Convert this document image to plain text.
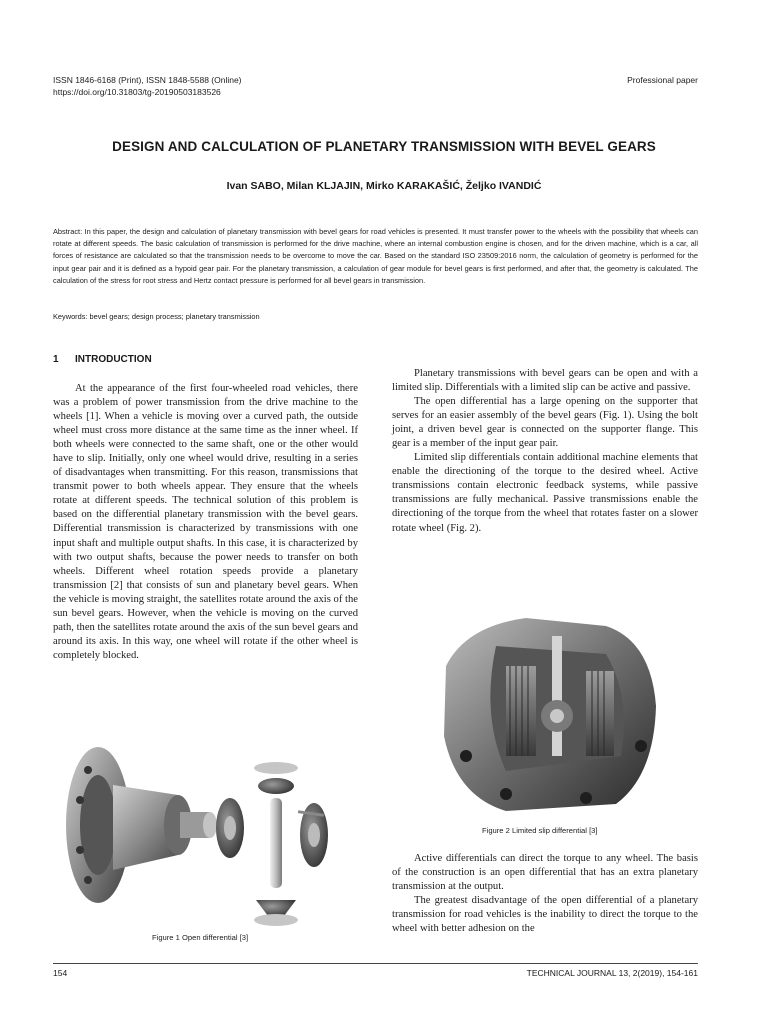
ISSN 1846-6168 (Print), ISSN 1848-5588 (Online)
https://doi.org/10.31803/tg-20190503183526
Professional paper
DESIGN AND CALCULATION OF PLANETARY TRANSMISSION WITH BEVEL GEARS
Ivan SABO, Milan KLJAJIN, Mirko KARAKAŠIĆ, Željko IVANDIĆ
Abstract: In this paper, the design and calculation of planetary transmission with bevel gears for road vehicles is presented. It must transfer power to the wheels with the possibility that wheels can rotate at different speeds. The basic calculation of transmission is performed for the drive machine, where an internal combustion engine is chosen, and for the driven machine, which is a car, all forces of resistance are calculated so that the transmission needs to be overcome to move the car. Based on the standard ISO 23509:2016 norm, the calculation of geometry is performed for the input gear pair and it is defined as a hypoid gear pair. For the planetary transmission, a calculation of gear module for bevel gears is first performed, and after that, the geometry is calculated. The calculation of the stress for root stress and Hertz contact pressure is performed for all bevel gears in transmission.
Keywords: bevel gears; design process; planetary transmission
1 INTRODUCTION

At the appearance of the first four-wheeled road vehicles, there was a problem of power transmission from the drive machine to the wheels [1]. When a vehicle is moving over a curved path, the outside wheel must cross more distance at the same time as the inner wheel. If both wheels were connected to the same shaft, one or the other would have to slip. Initially, only one wheel would drive, resulting in a series of disadvantages when transmitting. For this reason, transmissions that transmit power to both wheels appear. They ensure that the wheels rotate at different speeds. The technical solution of this problem is based on the differential planetary transmission with the bevel gears. Differential transmission is characterized by transmissions with one input shaft and multiple output shafts. In this case, it is characterized by with two output shafts, because the power needs to transfer on both wheels. Different wheel rotation speeds provide a planetary transmission [2] that consists of sun and planetary bevel gears. When the vehicle is moving straight, the satellites rotate around the axis of the sun bevel gears. However, when the vehicle is moving on the curved path, then the satellites rotate around the axis of the sun bevel gears and around its axis. In this way, one wheel will rotate if the other wheel is completely blocked.

Figure 1 Open differential [3]

Planetary transmissions with bevel gears can be open and with a limited slip. Differentials with a limited slip can be active and passive.

The open differential has a large opening on the supporter that serves for an easier assembly of the bevel gears (Fig. 1). Using the bolt joint, a driven bevel gear is connected on the supporter flange. This gear is a member of the input gear pair.

Limited slip differentials contain additional machine elements that enable the directioning of the torque to the desired wheel. Active transmissions contain electronic feedback systems, while passive transmissions are fully mechanical. Passive transmissions enable the directioning of the torque from the wheel that rotates faster on a slower rotate wheel (Fig. 2).

Figure 2 Limited slip differential [3]

Active differentials can direct the torque to any wheel. The basis of the construction is an open differential that has an extra planetary transmission at the output.

The greatest disadvantage of the open differential of a planetary transmission for road vehicles is the inability to direct the torque to the wheel with better adhesion on the

154	TECHNICAL JOURNAL 13, 2(2019), 154-161
